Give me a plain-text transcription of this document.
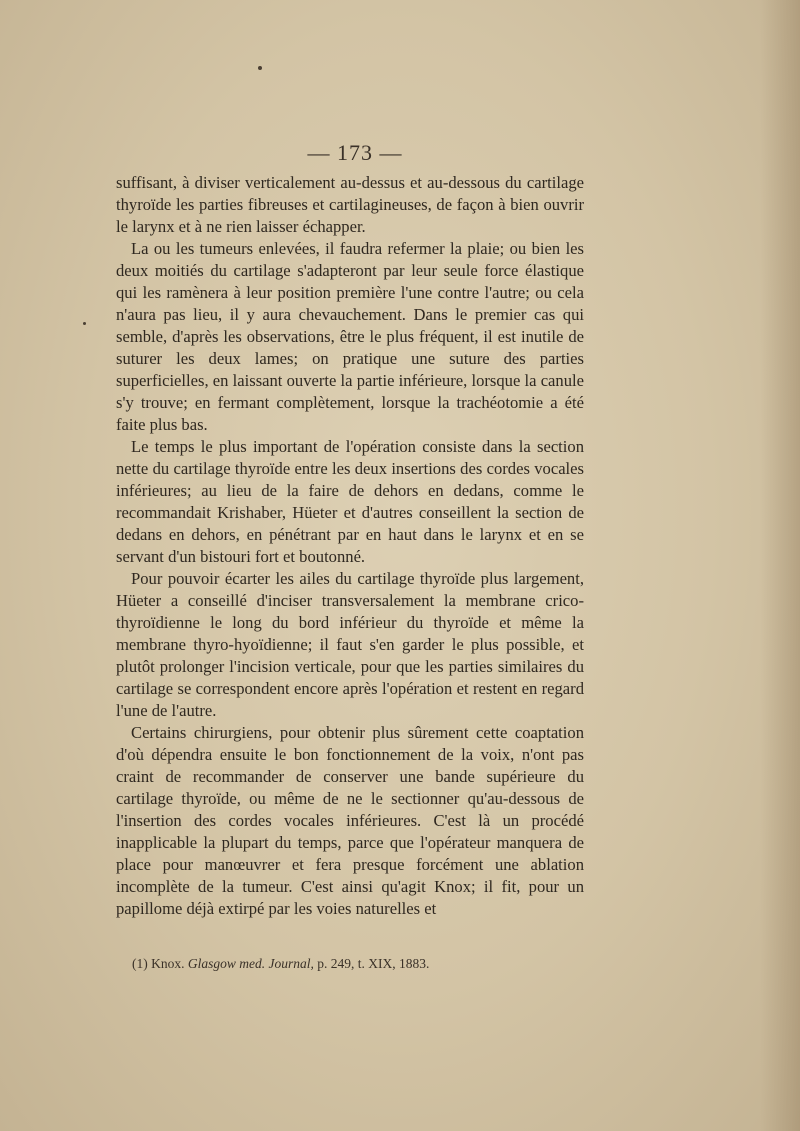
— 173 —

suffisant, à diviser verticalement au-dessus et au-dessous du cartilage thyroïde les parties fibreuses et cartilagineuses, de façon à bien ouvrir le larynx et à ne rien laisser échapper.

La ou les tumeurs enlevées, il faudra refermer la plaie; ou bien les deux moitiés du cartilage s'adapteront par leur seule force élastique qui les ramènera à leur position première l'une contre l'autre; ou cela n'aura pas lieu, il y aura chevauchement. Dans le premier cas qui semble, d'après les observations, être le plus fréquent, il est inutile de suturer les deux lames; on pratique une suture des parties superficielles, en laissant ouverte la partie inférieure, lorsque la canule s'y trouve; en fermant complètement, lorsque la trachéotomie a été faite plus bas.

Le temps le plus important de l'opération consiste dans la section nette du cartilage thyroïde entre les deux insertions des cordes vocales inférieures; au lieu de la faire de dehors en dedans, comme le recommandait Krishaber, Hüeter et d'autres conseillent la section de dedans en dehors, en pénétrant par en haut dans le larynx et en se servant d'un bistouri fort et boutonné.

Pour pouvoir écarter les ailes du cartilage thyroïde plus largement, Hüeter a conseillé d'inciser transversalement la membrane crico-thyroïdienne le long du bord inférieur du thyroïde et même la membrane thyro-hyoïdienne; il faut s'en garder le plus possible, et plutôt prolonger l'incision verticale, pour que les parties similaires du cartilage se correspondent encore après l'opération et restent en regard l'une de l'autre.

Certains chirurgiens, pour obtenir plus sûrement cette coaptation d'où dépendra ensuite le bon fonctionnement de la voix, n'ont pas craint de recommander de conserver une bande supérieure du cartilage thyroïde, ou même de ne le sectionner qu'au-dessous de l'insertion des cordes vocales inférieures. C'est là un procédé inapplicable la plupart du temps, parce que l'opérateur manquera de place pour manœuvrer et fera presque forcément une ablation incomplète de la tumeur. C'est ainsi qu'agit Knox; il fit, pour un papillome déjà extirpé par les voies naturelles et

(1) Knox. Glasgow med. Journal, p. 249, t. XIX, 1883.
